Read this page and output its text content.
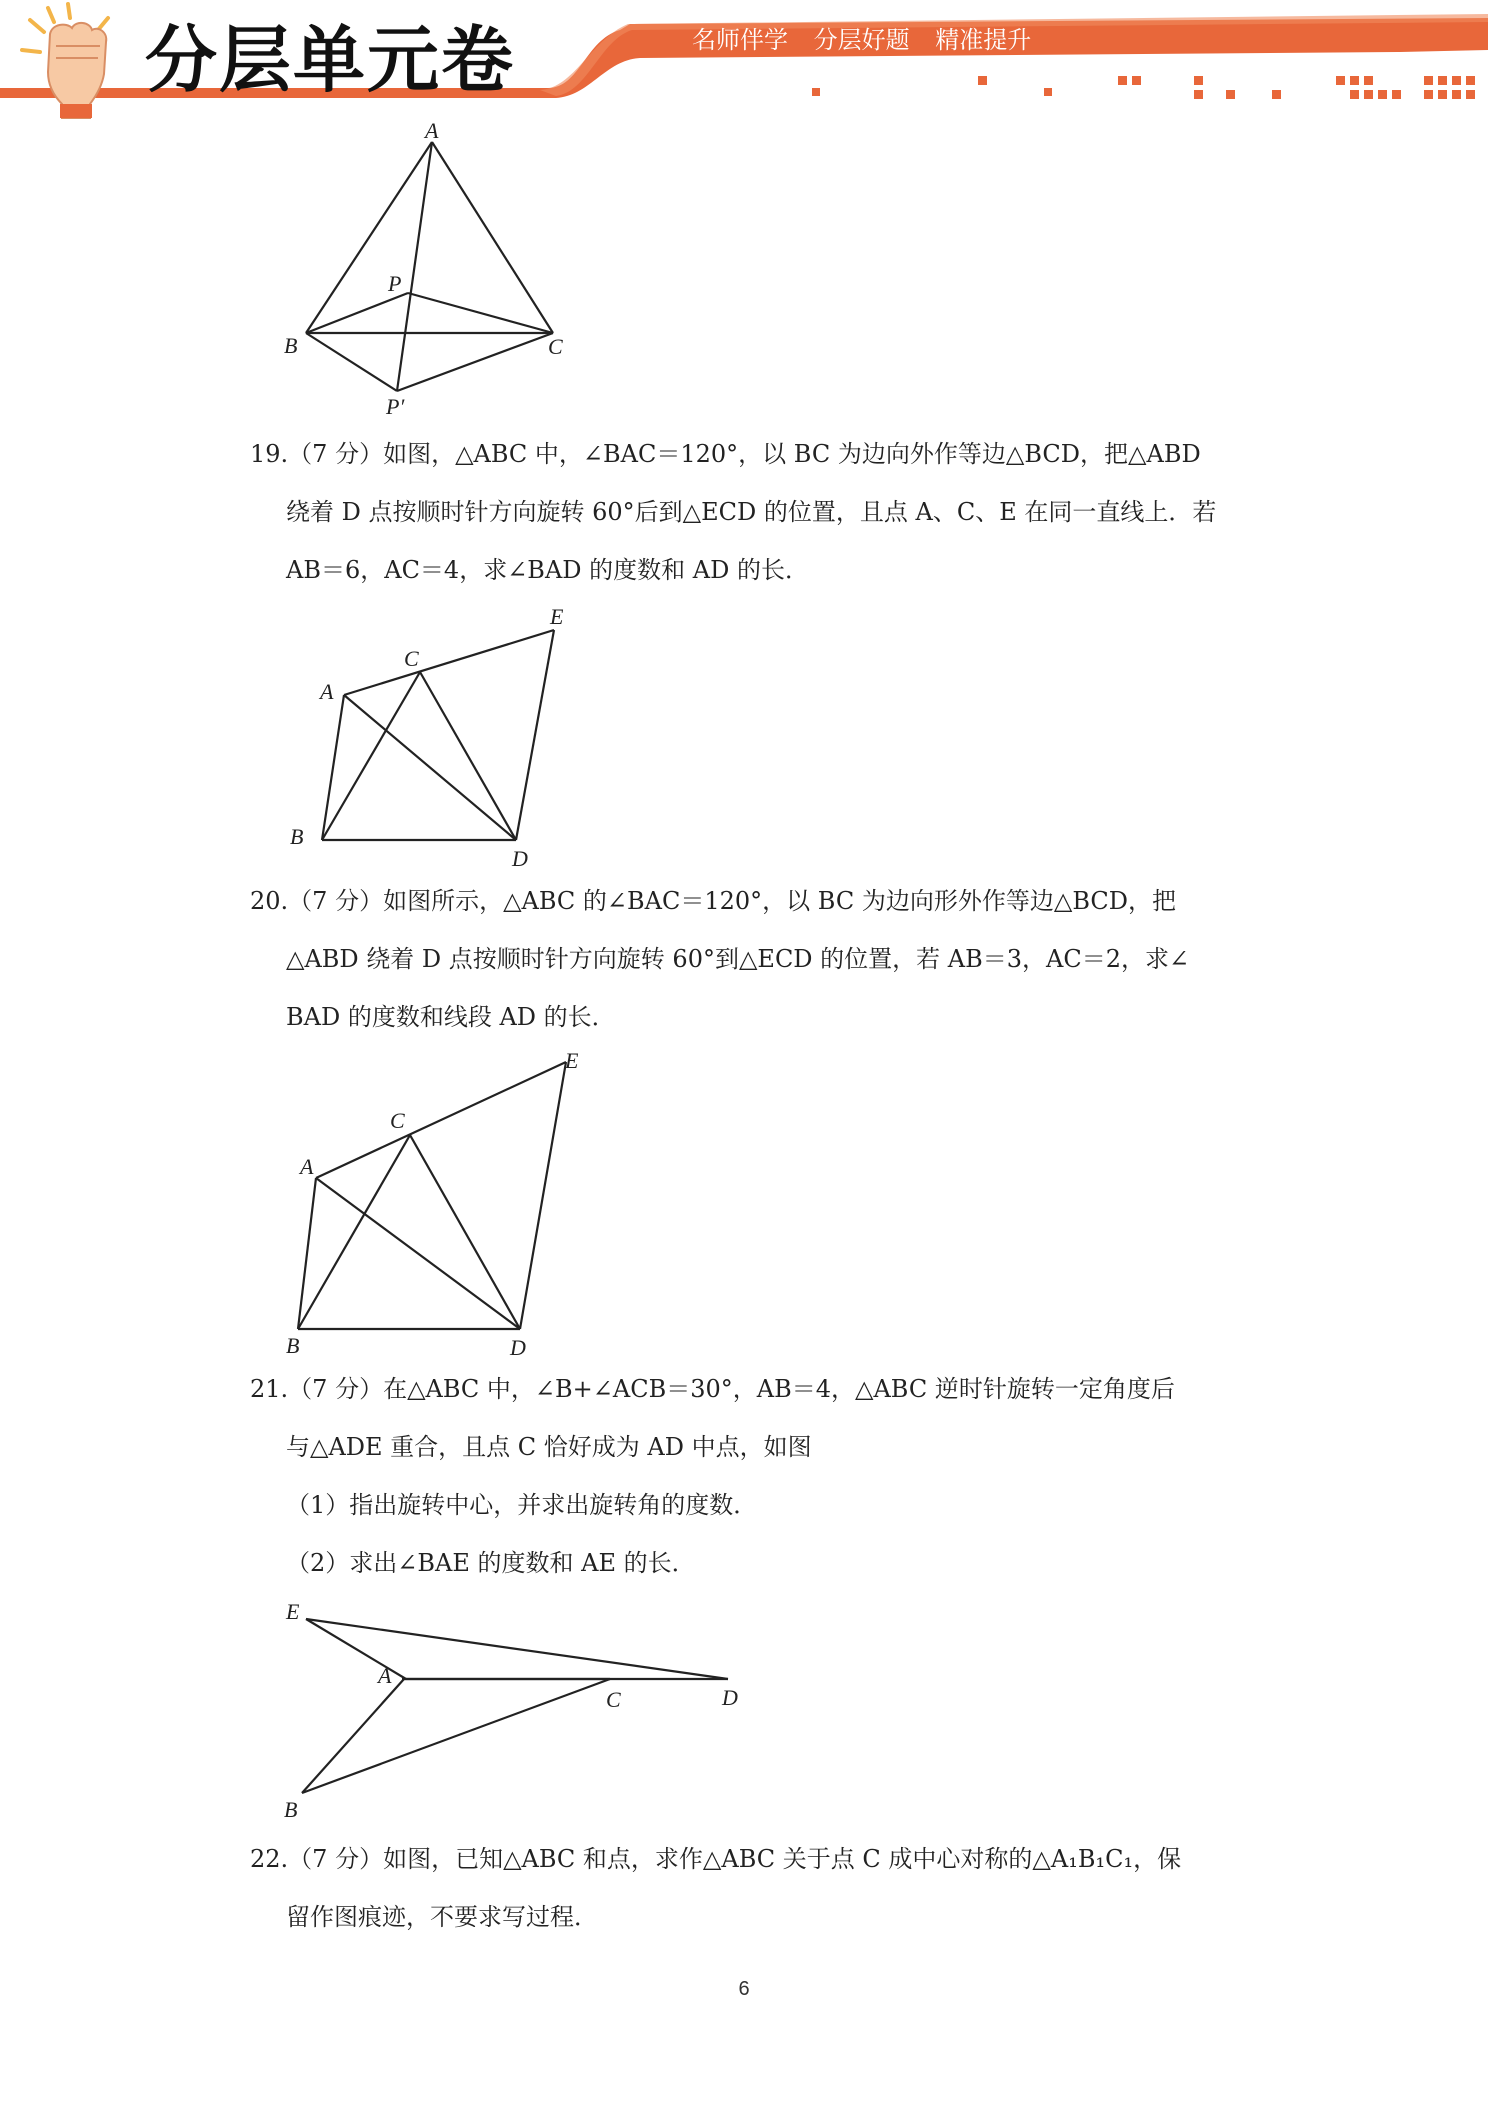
分层单元卷	名师伴学 分层好题 精准提升
A
P
B	C
P′
19.（7 分）如图，△ABC 中，∠BAC＝120°，以 BC 为边向外作等边△BCD，把△ABD
绕着 D 点按顺时针方向旋转 60°后到△ECD 的位置，且点 A、C、E 在同一直线上．若
AB＝6，AC＝4，求∠BAD 的度数和 AD 的长．
E
C
A
B
D
20.（7 分）如图所示，△ABC 的∠BAC＝120°，以 BC 为边向形外作等边△BCD，把
△ABD 绕着 D 点按顺时针方向旋转 60°到△ECD 的位置，若 AB＝3，AC＝2，求∠
BAD 的度数和线段 AD 的长．
E
C
A
B	D
21.（7 分）在△ABC 中，∠B+∠ACB＝30°，AB＝4，△ABC 逆时针旋转一定角度后
与△ADE 重合，且点 C 恰好成为 AD 中点，如图
（1）指出旋转中心，并求出旋转角的度数．
（2）求出∠BAE 的度数和 AE 的长．
E
A
C	D
B
22.（7 分）如图，已知△ABC 和点，求作△ABC 关于点 C 成中心对称的△A₁B₁C₁，保
留作图痕迹，不要求写过程．
6
